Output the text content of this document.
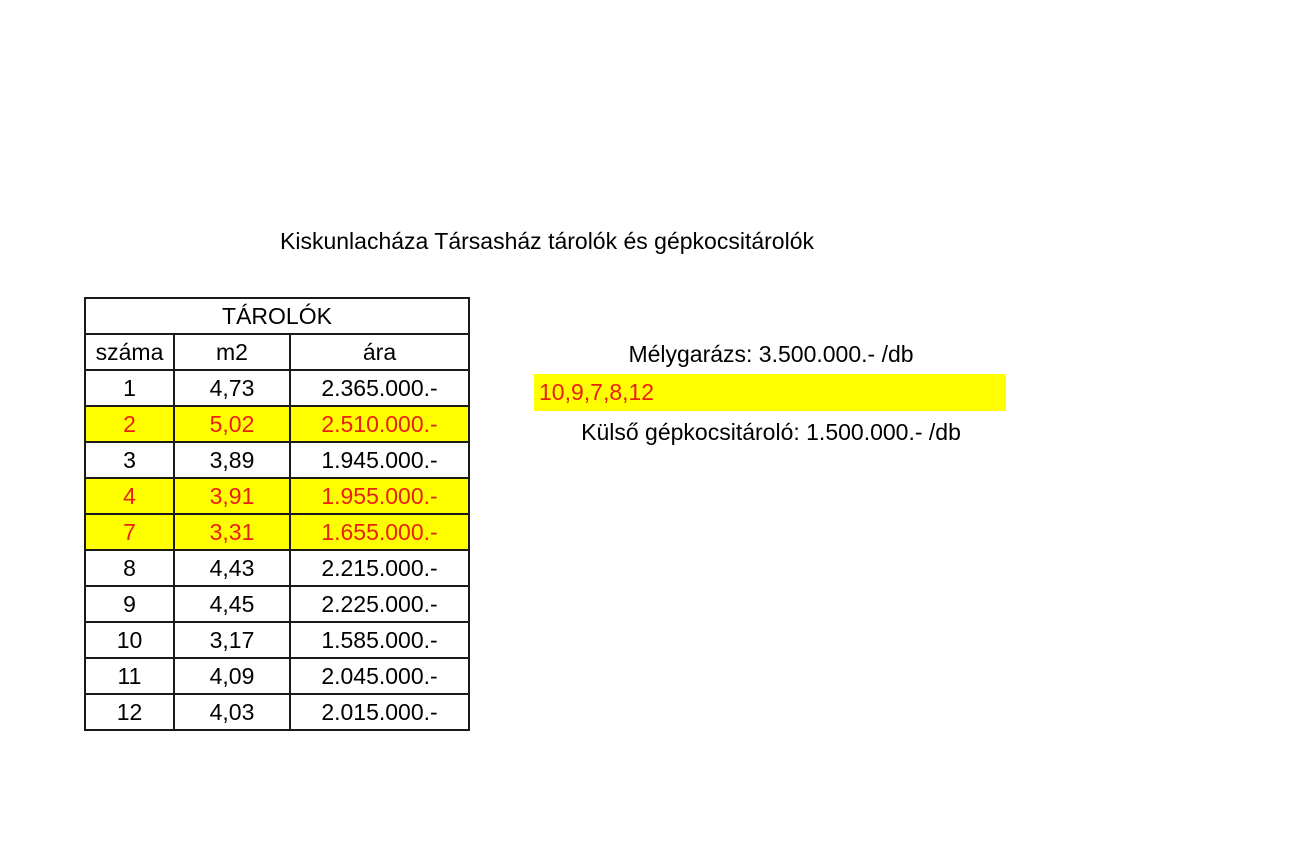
Kiskunlacháza Társasház tárolók és gépkocsitárolók
TÁROLÓK		
száma	m2	ára
1	4,73	2.365.000.-
2	5,02	2.510.000.-
3	3,89	1.945.000.-
4	3,91	1.955.000.-
7	3,31	1.655.000.-
8	4,43	2.215.000.-
9	4,45	2.225.000.-
10	3,17	1.585.000.-
11	4,09	2.045.000.-
12	4,03	2.015.000.-
Mélygarázs: 3.500.000.- /db
10,9,7,8,12
Külső gépkocsitároló: 1.500.000.- /db
